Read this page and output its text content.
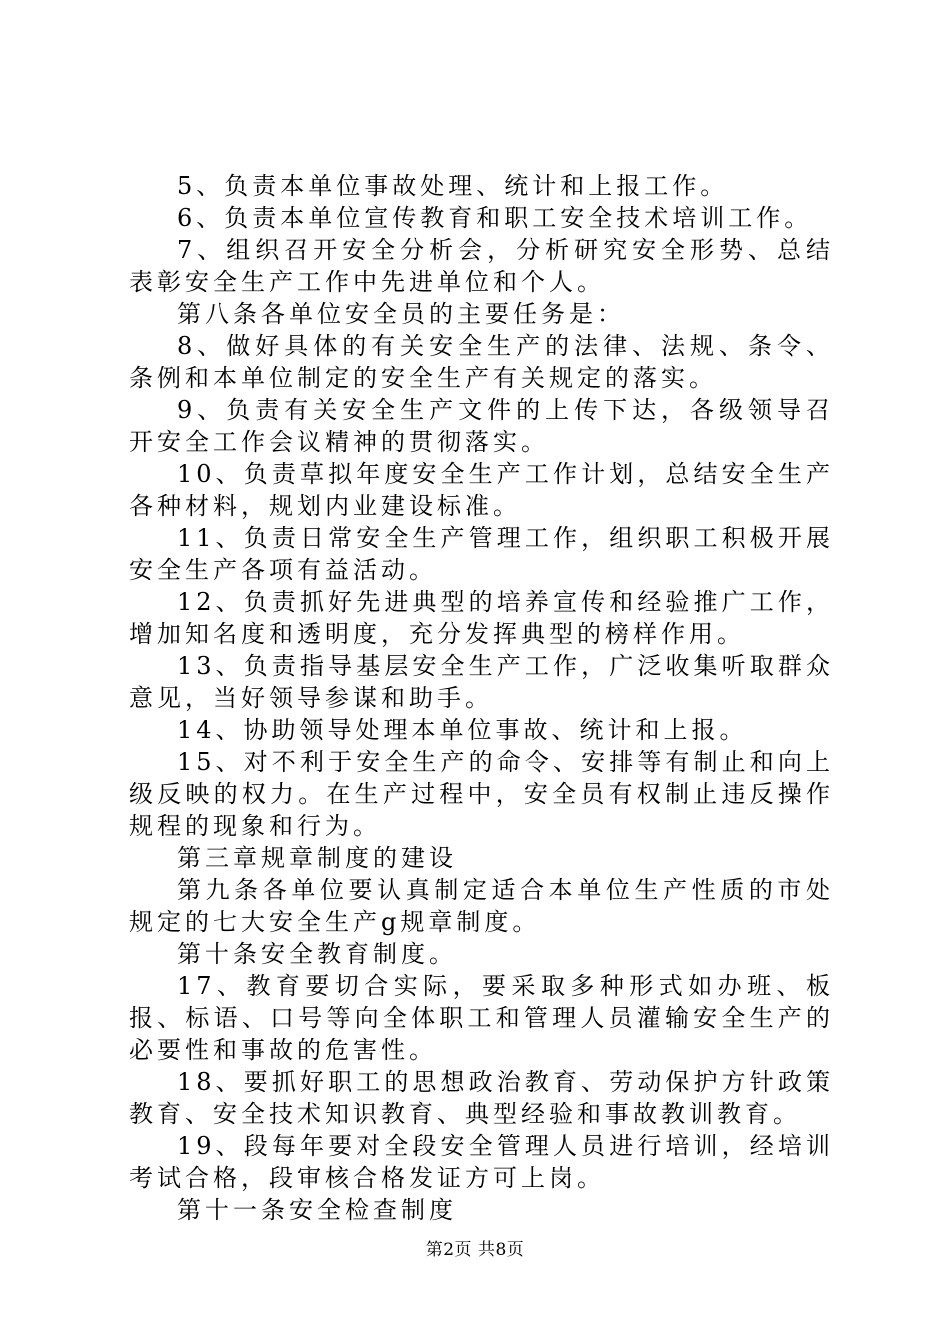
5、负责本单位事故处理、统计和上报工作。

6、负责本单位宣传教育和职工安全技术培训工作。

7、组织召开安全分析会，分析研究安全形势、总结表彰安全生产工作中先进单位和个人。

第八条各单位安全员的主要任务是：

8、做好具体的有关安全生产的法律、法规、条令、条例和本单位制定的安全生产有关规定的落实。

9、负责有关安全生产文件的上传下达，各级领导召开安全工作会议精神的贯彻落实。

10、负责草拟年度安全生产工作计划，总结安全生产各种材料，规划内业建设标准。

11、负责日常安全生产管理工作，组织职工积极开展安全生产各项有益活动。

12、负责抓好先进典型的培养宣传和经验推广工作，增加知名度和透明度，充分发挥典型的榜样作用。

13、负责指导基层安全生产工作，广泛收集听取群众意见，当好领导参谋和助手。

14、协助领导处理本单位事故、统计和上报。

15、对不利于安全生产的命令、安排等有制止和向上级反映的权力。在生产过程中，安全员有权制止违反操作规程的现象和行为。

第三章规章制度的建设

第九条各单位要认真制定适合本单位生产性质的市处规定的七大安全生产g规章制度。

第十条安全教育制度。

17、教育要切合实际，要采取多种形式如办班、板报、标语、口号等向全体职工和管理人员灌输安全生产的必要性和事故的危害性。

18、要抓好职工的思想政治教育、劳动保护方针政策教育、安全技术知识教育、典型经验和事故教训教育。

19、段每年要对全段安全管理人员进行培训，经培训考试合格，段审核合格发证方可上岗。

第十一条安全检查制度

第2页 共8页
